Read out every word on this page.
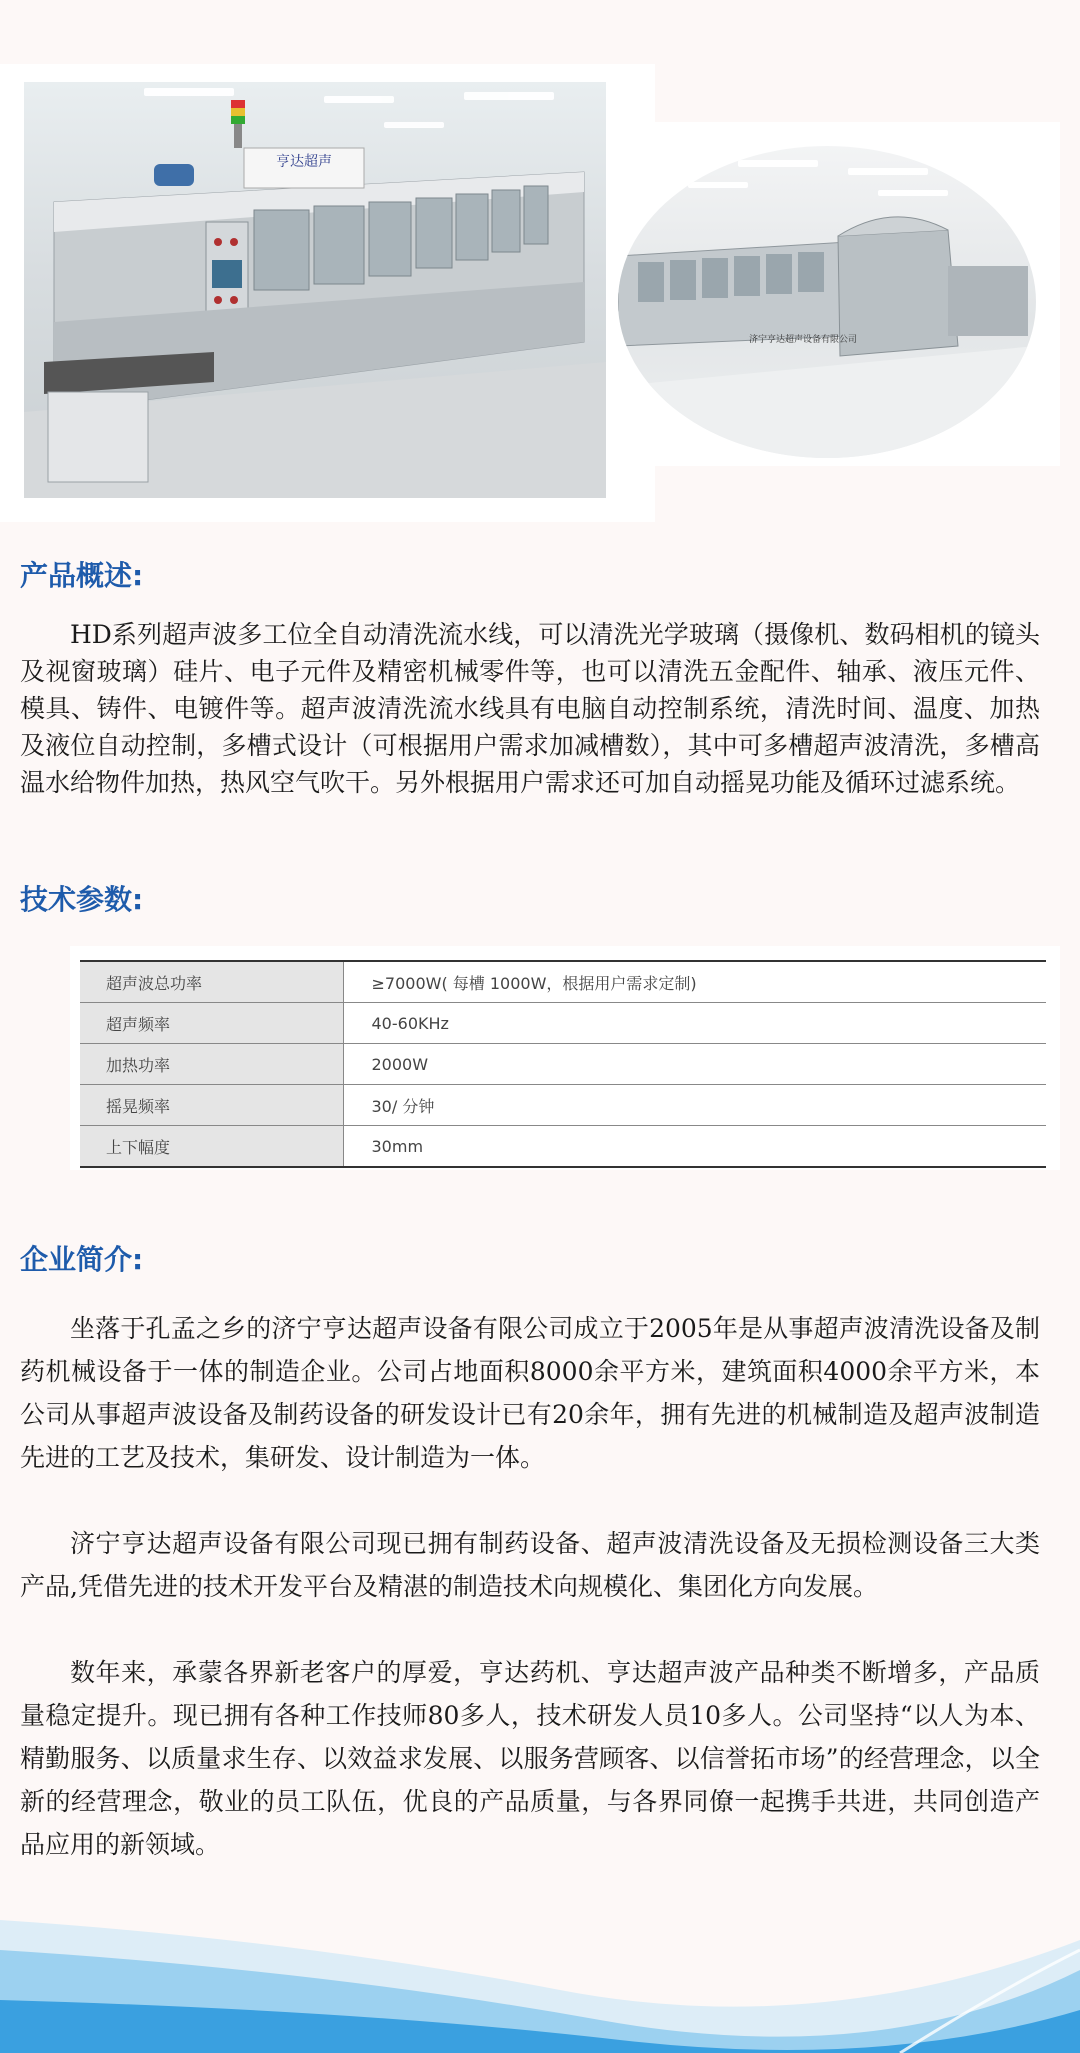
亨达超声
济宁亨达超声设备有限公司
产品概述:

HD系列超声波多工位全自动清洗流水线，可以清洗光学玻璃（摄像机、数码相机的镜头及视窗玻璃）硅片、电子元件及精密机械零件等，也可以清洗五金配件、轴承、液压元件、模具、铸件、电镀件等。超声波清洗流水线具有电脑自动控制系统，清洗时间、温度、加热及液位自动控制，多槽式设计（可根据用户需求加减槽数），其中可多槽超声波清洗，多槽高温水给物件加热，热风空气吹干。另外根据用户需求还可加自动摇晃功能及循环过滤系统。

技术参数:
超声波总功率	≥7000W( 每槽 1000W，根据用户需求定制)
超声频率	40-60KHz
加热功率	2000W
摇晃频率	30/ 分钟
上下幅度	30mm
企业简介:

坐落于孔孟之乡的济宁亨达超声设备有限公司成立于2005年是从事超声波清洗设备及制药机械设备于一体的制造企业。公司占地面积8000余平方米，建筑面积4000余平方米，本公司从事超声波设备及制药设备的研发设计已有20余年，拥有先进的机械制造及超声波制造先进的工艺及技术，集研发、设计制造为一体。

济宁亨达超声设备有限公司现已拥有制药设备、超声波清洗设备及无损检测设备三大类产品,凭借先进的技术开发平台及精湛的制造技术向规模化、集团化方向发展。

数年来，承蒙各界新老客户的厚爱，亨达药机、亨达超声波产品种类不断增多，产品质量稳定提升。现已拥有各种工作技师80多人，技术研发人员10多人。公司坚持“以人为本、精勤服务、以质量求生存、以效益求发展、以服务营顾客、以信誉拓市场”的经营理念，以全新的经营理念，敬业的员工队伍，优良的产品质量，与各界同僚一起携手共进，共同创造产品应用的新领域。
